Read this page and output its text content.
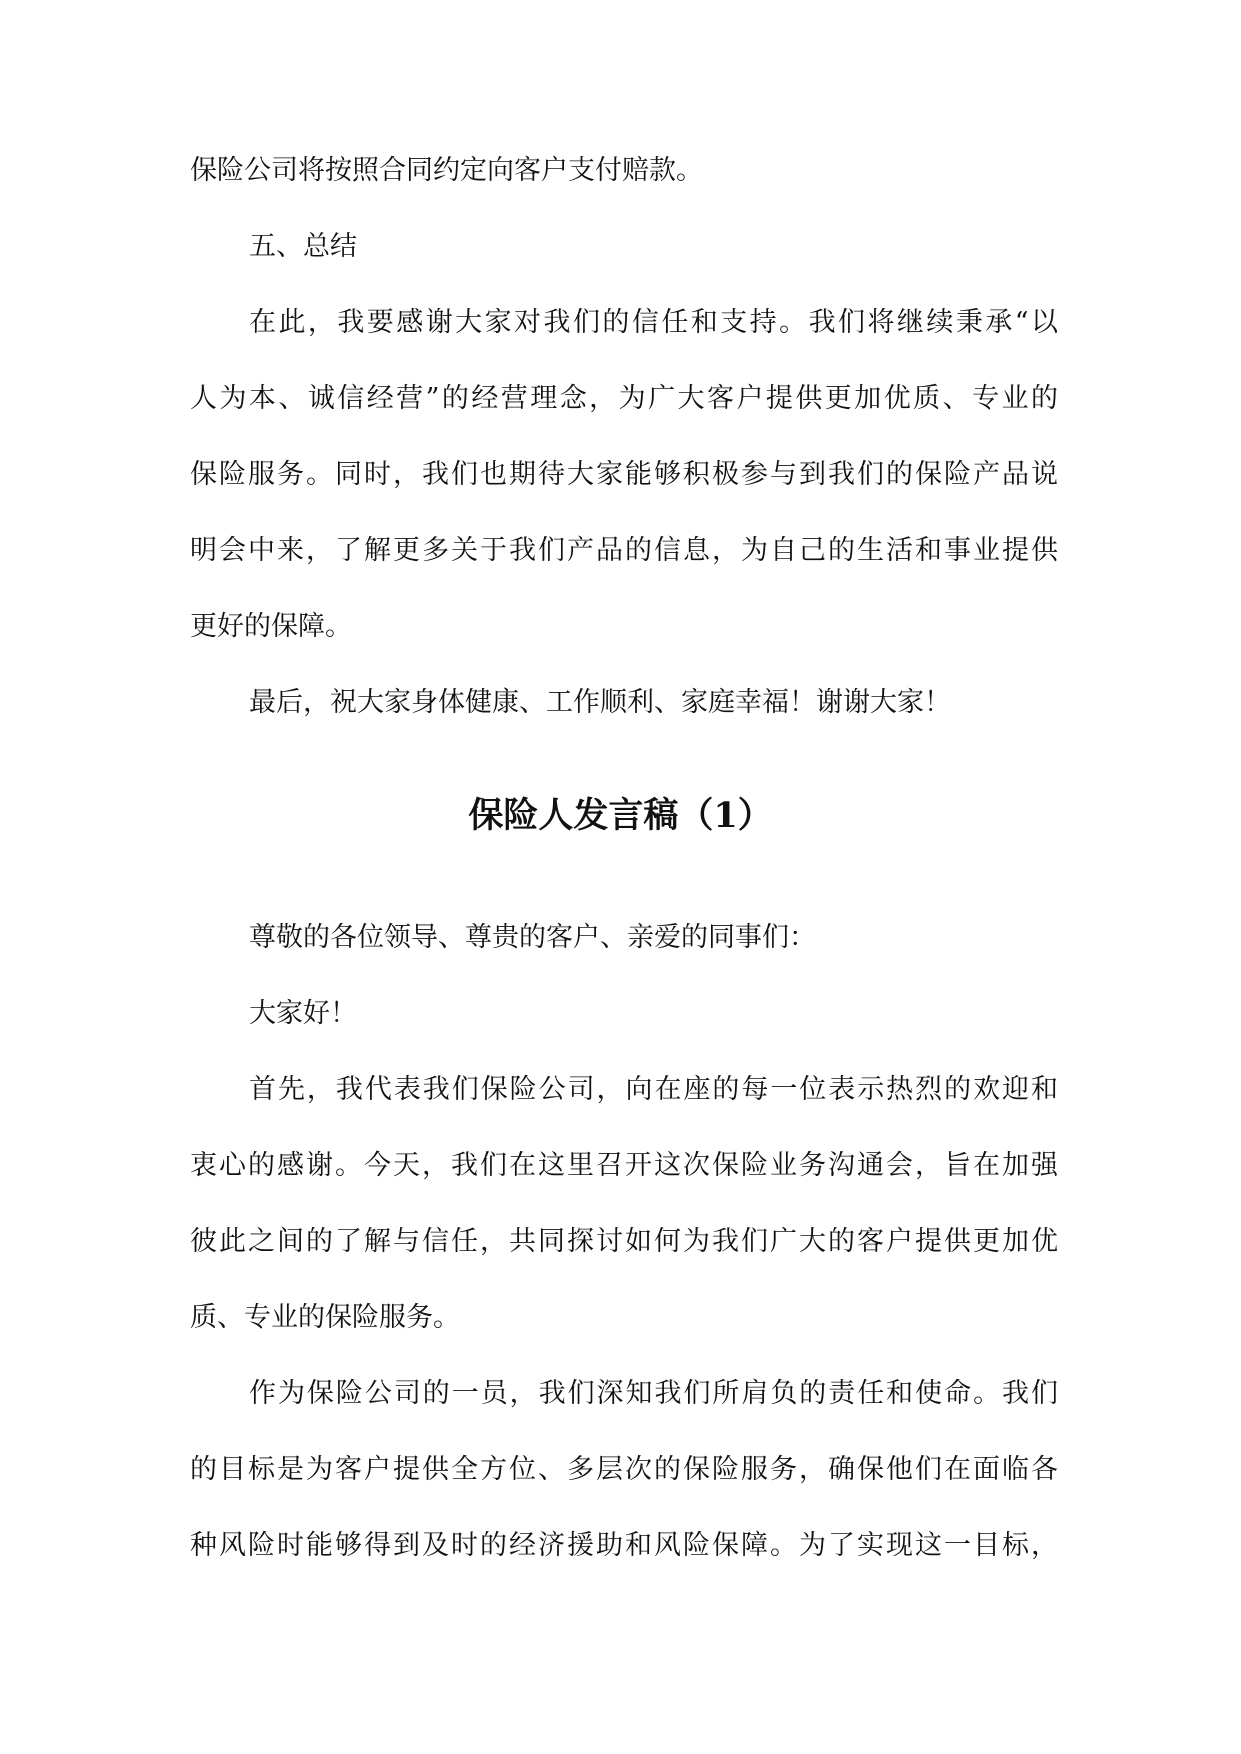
保险公司将按照合同约定向客户支付赔款。
五、总结
在此，我要感谢大家对我们的信任和支持。我们将继续秉承“以
人为本、诚信经营”的经营理念，为广大客户提供更加优质、专业的
保险服务。同时，我们也期待大家能够积极参与到我们的保险产品说
明会中来，了解更多关于我们产品的信息，为自己的生活和事业提供
更好的保障。
最后，祝大家身体健康、工作顺利、家庭幸福！谢谢大家！
保险人发言稿（1）
尊敬的各位领导、尊贵的客户、亲爱的同事们：
大家好！
首先，我代表我们保险公司，向在座的每一位表示热烈的欢迎和
衷心的感谢。今天，我们在这里召开这次保险业务沟通会，旨在加强
彼此之间的了解与信任，共同探讨如何为我们广大的客户提供更加优
质、专业的保险服务。
作为保险公司的一员，我们深知我们所肩负的责任和使命。我们
的目标是为客户提供全方位、多层次的保险服务，确保他们在面临各
种风险时能够得到及时的经济援助和风险保障。为了实现这一目标，
